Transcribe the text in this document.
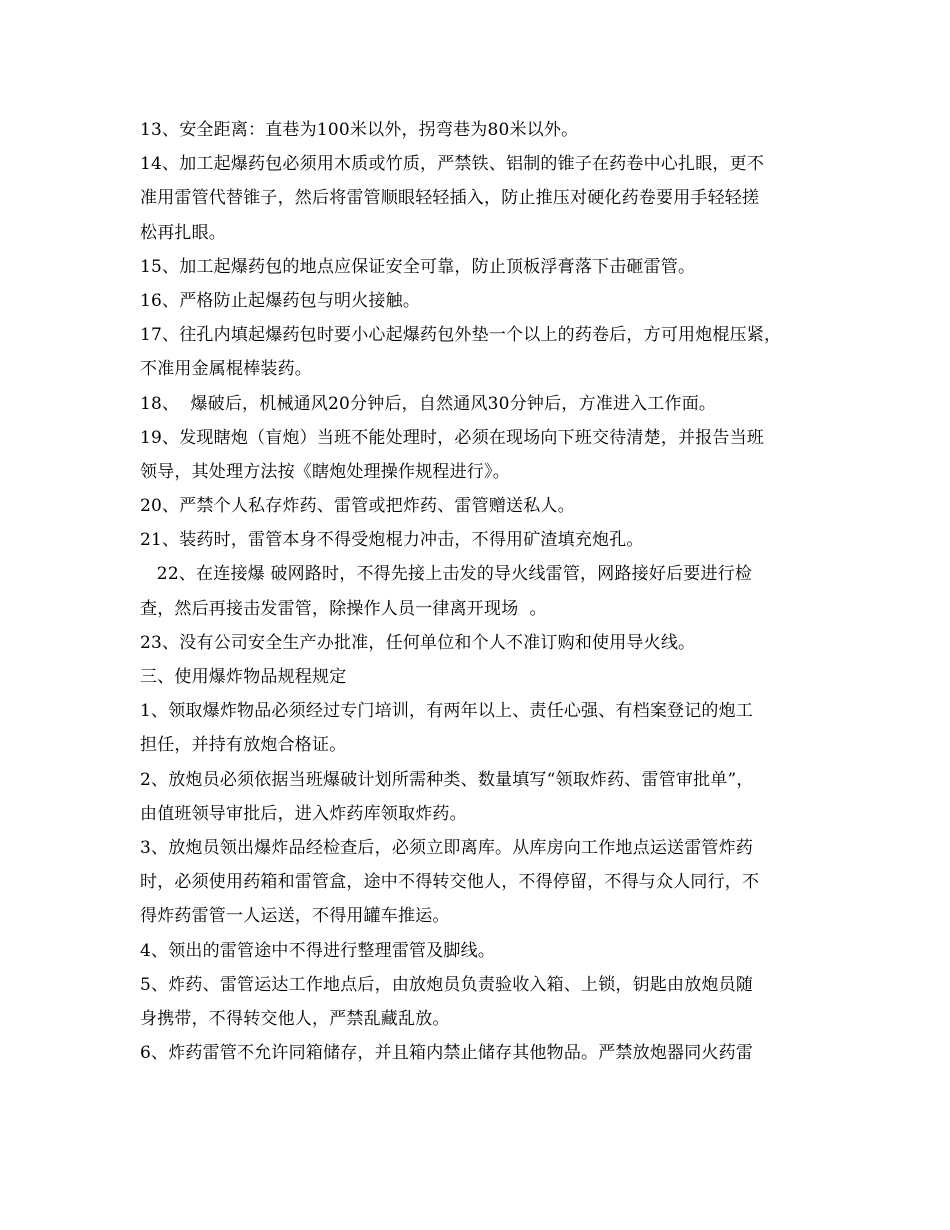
13、安全距离：直巷为100米以外，拐弯巷为80米以外。
14、加工起爆药包必须用木质或竹质，严禁铁、铝制的锥子在药卷中心扎眼，更不
准用雷管代替锥子，然后将雷管顺眼轻轻插入，防止推压对硬化药卷要用手轻轻搓
松再扎眼。
15、加工起爆药包的地点应保证安全可靠，防止顶板浮膏落下击砸雷管。
16、严格防止起爆药包与明火接触。
17、往孔内填起爆药包时要小心起爆药包外垫一个以上的药卷后，方可用炮棍压紧，
不准用金属棍棒装药。
18、  爆破后，机械通风20分钟后，自然通风30分钟后，方准进入工作面。
19、发现瞎炮（盲炮）当班不能处理时，必须在现场向下班交待清楚，并报告当班
领导，其处理方法按《瞎炮处理操作规程进行》。
20、严禁个人私存炸药、雷管或把炸药、雷管赠送私人。
21、装药时，雷管本身不得受炮棍力冲击，不得用矿渣填充炮孔。
22、在连接爆 破网路时，不得先接上击发的导火线雷管，网路接好后要进行检
查，然后再接击发雷管，除操作人员一律离开现场  。
23、没有公司安全生产办批准，任何单位和个人不准订购和使用导火线。
三、使用爆炸物品规程规定
1、领取爆炸物品必须经过专门培训，有两年以上、责任心强、有档案登记的炮工
担任，并持有放炮合格证。
2、放炮员必须依据当班爆破计划所需种类、数量填写“领取炸药、雷管审批单”，
由值班领导审批后，进入炸药库领取炸药。
3、放炮员领出爆炸品经检查后，必须立即离库。从库房向工作地点运送雷管炸药
时，必须使用药箱和雷管盒，途中不得转交他人，不得停留，不得与众人同行，不
得炸药雷管一人运送，不得用罐车推运。
4、领出的雷管途中不得进行整理雷管及脚线。
5、炸药、雷管运达工作地点后，由放炮员负责验收入箱、上锁，钥匙由放炮员随
身携带，不得转交他人，严禁乱藏乱放。
6、炸药雷管不允许同箱储存，并且箱内禁止储存其他物品。严禁放炮器同火药雷
